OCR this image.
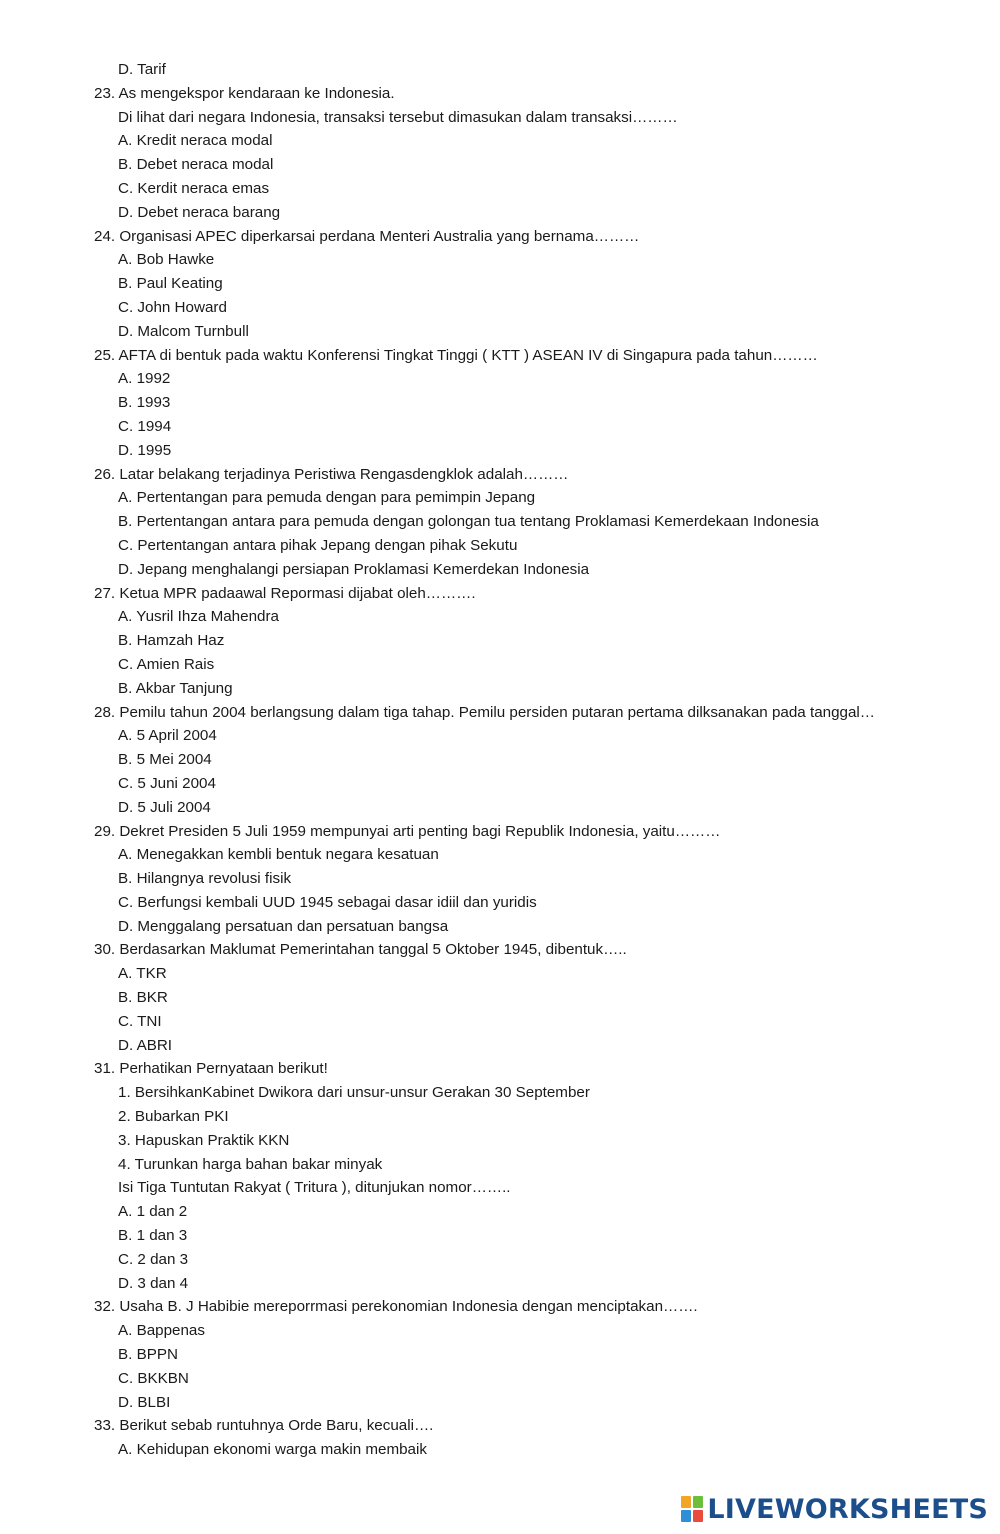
D. Tarif
23. As mengekspor kendaraan ke Indonesia.
Di lihat dari negara Indonesia, transaksi tersebut dimasukan dalam transaksi………
A. Kredit neraca modal
B. Debet neraca modal
C. Kerdit neraca emas
D. Debet neraca barang
24. Organisasi APEC diperkarsai perdana Menteri Australia yang bernama………
A. Bob Hawke
B. Paul Keating
C. John Howard
D. Malcom Turnbull
25. AFTA di bentuk pada waktu Konferensi Tingkat Tinggi ( KTT ) ASEAN IV di Singapura pada tahun………
A. 1992
B. 1993
C. 1994
D. 1995
26. Latar belakang terjadinya Peristiwa Rengasdengklok adalah………
A. Pertentangan para pemuda dengan para pemimpin Jepang
B. Pertentangan antara para pemuda dengan golongan tua tentang Proklamasi Kemerdekaan Indonesia
C. Pertentangan antara pihak Jepang dengan pihak Sekutu
D. Jepang menghalangi persiapan Proklamasi Kemerdekan Indonesia
27. Ketua MPR padaawal Repormasi dijabat oleh……….
A. Yusril Ihza Mahendra
B. Hamzah Haz
C. Amien Rais
B. Akbar Tanjung
28. Pemilu tahun 2004 berlangsung dalam tiga tahap. Pemilu persiden putaran pertama dilksanakan pada tanggal…
A. 5 April 2004
B. 5 Mei 2004
C. 5 Juni 2004
D. 5 Juli 2004
29. Dekret Presiden 5 Juli 1959 mempunyai arti penting bagi Republik Indonesia, yaitu………
A. Menegakkan kembli bentuk negara kesatuan
B. Hilangnya revolusi fisik
C. Berfungsi kembali UUD 1945 sebagai dasar idiil dan yuridis
D. Menggalang persatuan dan persatuan bangsa
30. Berdasarkan Maklumat Pemerintahan tanggal 5 Oktober 1945, dibentuk…..
A. TKR
B. BKR
C. TNI
D. ABRI
31. Perhatikan Pernyataan berikut!
1. BersihkanKabinet Dwikora dari unsur-unsur Gerakan 30 September
2. Bubarkan PKI
3. Hapuskan Praktik KKN
4. Turunkan harga bahan bakar minyak
Isi Tiga Tuntutan Rakyat ( Tritura ), ditunjukan nomor……..
A. 1 dan 2
B. 1 dan 3
C. 2 dan 3
D. 3 dan 4
32. Usaha B. J Habibie mereporrmasi perekonomian Indonesia dengan menciptakan…….
A. Bappenas
B. BPPN
C. BKKBN
D. BLBI
33. Berikut sebab runtuhnya Orde Baru, kecuali….
A. Kehidupan ekonomi warga makin membaik
LIVEWORKSHEETS
